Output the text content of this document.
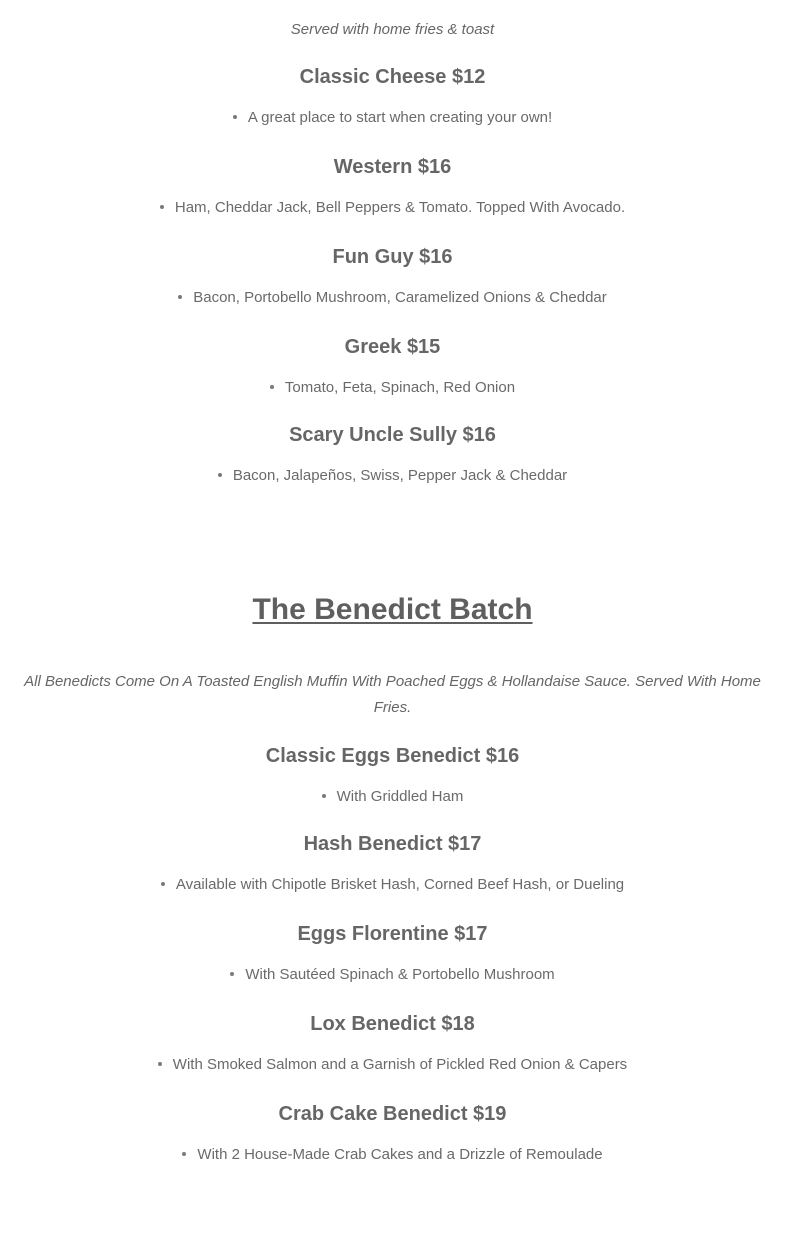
Served with home fries & toast

Classic Cheese $12

A great place to start when creating your own!

Western $16

Ham, Cheddar Jack, Bell Peppers & Tomato. Topped With Avocado.

Fun Guy $16

Bacon, Portobello Mushroom, Caramelized Onions & Cheddar

Greek $15

Tomato, Feta, Spinach, Red Onion

Scary Uncle Sully $16

Bacon, Jalapeños, Swiss, Pepper Jack & Cheddar

The Benedict Batch

All Benedicts Come On A Toasted English Muffin With Poached Eggs & Hollandaise Sauce. Served With Home Fries.

Classic Eggs Benedict $16

With Griddled Ham

Hash Benedict $17

Available with Chipotle Brisket Hash, Corned Beef Hash, or Dueling

Eggs Florentine $17

With Sautéed Spinach & Portobello Mushroom

Lox Benedict $18

With Smoked Salmon and a Garnish of Pickled Red Onion & Capers

Crab Cake Benedict $19

With 2 House-Made Crab Cakes and a Drizzle of Remoulade
